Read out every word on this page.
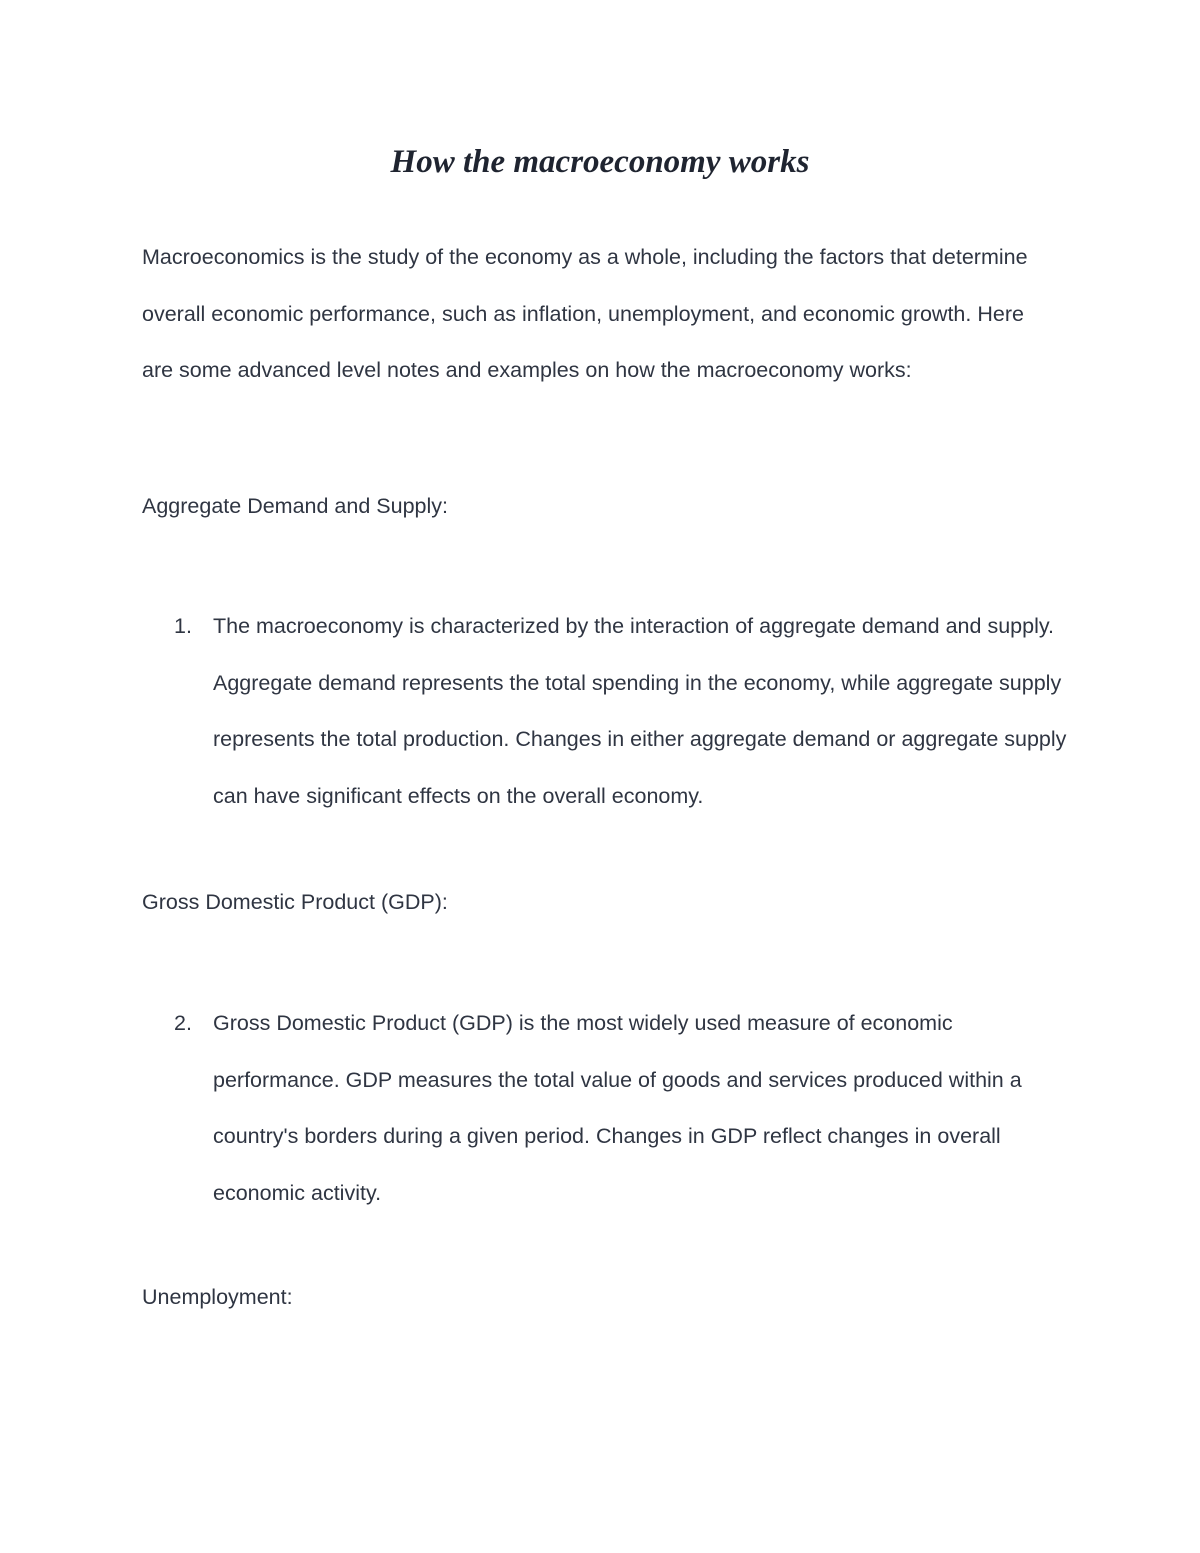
How the macroeconomy works

Macroeconomics is the study of the economy as a whole, including the factors that determine overall economic performance, such as inflation, unemployment, and economic growth. Here are some advanced level notes and examples on how the macroeconomy works:

Aggregate Demand and Supply:

1. The macroeconomy is characterized by the interaction of aggregate demand and supply. Aggregate demand represents the total spending in the economy, while aggregate supply represents the total production. Changes in either aggregate demand or aggregate supply can have significant effects on the overall economy.

Gross Domestic Product (GDP):

2. Gross Domestic Product (GDP) is the most widely used measure of economic performance. GDP measures the total value of goods and services produced within a country's borders during a given period. Changes in GDP reflect changes in overall economic activity.

Unemployment:
